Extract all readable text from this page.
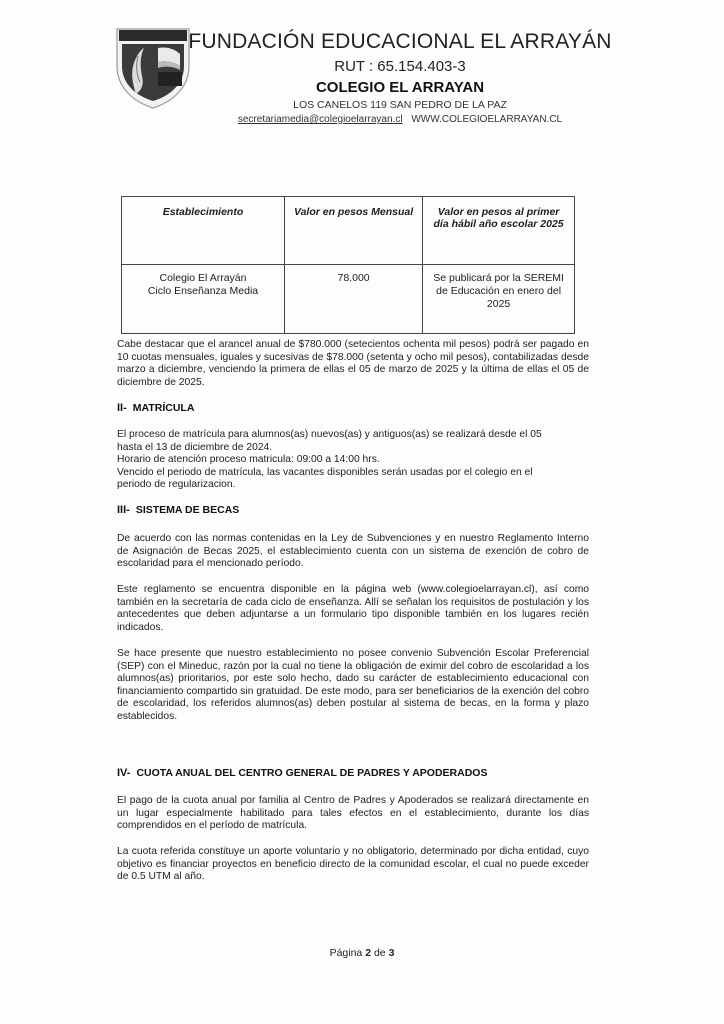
FUNDACIÓN EDUCACIONAL EL ARRAYÁN
RUT : 65.154.403-3
COLEGIO EL ARRAYAN
LOS CANELOS 119 SAN PEDRO DE LA PAZ
secretariamedia@colegioelarrayan.cl WWW.COLEGIOELARRAYAN.CL
Establecimiento	Valor en pesos Mensual	Valor en pesos al primer día hábil año escolar 2025

Colegio El Arrayán
Ciclo Enseñanza Media	78.000	Se publicará por la SEREMI de Educación en enero del 2025
Cabe destacar que el arancel anual de $780.000 (setecientos ochenta mil pesos) podrá ser pagado en 10 cuotas mensuales, iguales y sucesivas de $78.000 (setenta y ocho mil pesos), contabilizadas desde marzo a diciembre, venciendo la primera de ellas el 05 de marzo de 2025 y la última de ellas el 05 de diciembre de 2025.
II- MATRÍCULA
El proceso de matrícula para alumnos(as) nuevos(as) y antiguos(as) se realizará desde el 05
hasta el 13 de diciembre de 2024.
Horario de atención proceso matricula: 09:00 a 14:00 hrs.
Vencido el periodo de matrícula, las vacantes disponibles serán usadas por el colegio en el
periodo de regularizacion.
III- SISTEMA DE BECAS
De acuerdo con las normas contenidas en la Ley de Subvenciones y en nuestro Reglamento Interno de Asignación de Becas 2025, el establecimiento cuenta con un sistema de exención de cobro de escolaridad para el mencionado período.
Este reglamento se encuentra disponible en la página web (www.colegioelarrayan.cl), así como también en la secretaría de cada ciclo de enseñanza. Allí se señalan los requisitos de postulación y los antecedentes que deben adjuntarse a un formulario tipo disponible también en los lugares recién indicados.
Se hace presente que nuestro establecimiento no posee convenio Subvención Escolar Preferencial (SEP) con el Mineduc, razón por la cual no tiene la obligación de eximir del cobro de escolaridad a los alumnos(as) prioritarios, por este solo hecho, dado su carácter de establecimiento educacional con financiamiento compartido sin gratuidad. De este modo, para ser beneficiarios de la exención del cobro de escolaridad, los referidos alumnos(as) deben postular al sistema de becas, en la forma y plazo establecidos.
IV- CUOTA ANUAL DEL CENTRO GENERAL DE PADRES Y APODERADOS
El pago de la cuota anual por familia al Centro de Padres y Apoderados se realizará directamente en un lugar especialmente habilitado para tales efectos en el establecimiento, durante los días comprendidos en el período de matrícula.
La cuota referida constituye un aporte voluntario y no obligatorio, determinado por dicha entidad, cuyo objetivo es financiar proyectos en beneficio directo de la comunidad escolar, el cual no puede exceder de 0.5 UTM al año.
Página 2 de 3
